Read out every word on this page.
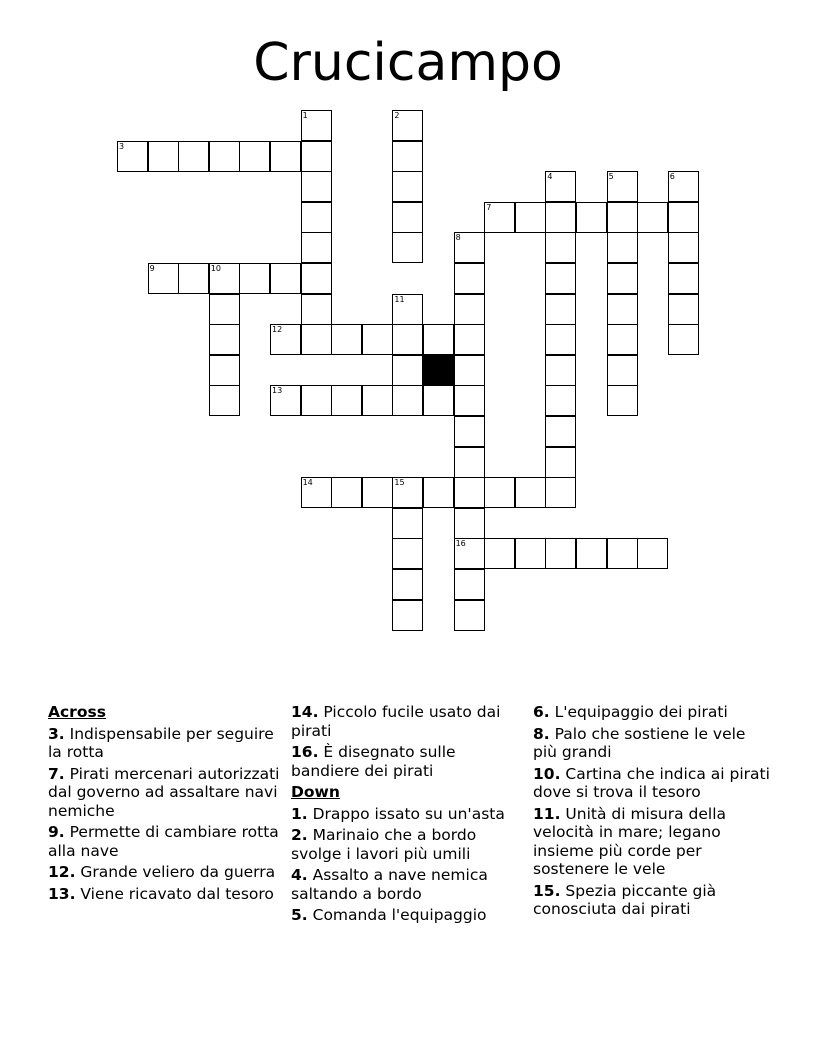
Crucicampo
3
7
9	10
12
13
14	15
16
1	2
4	5	6
8
11
Across
3. Indispensabile per seguire la rotta
7. Pirati mercenari autorizzati dal governo ad assaltare navi nemiche
9. Permette di cambiare rotta alla nave
12. Grande veliero da guerra
13. Viene ricavato dal tesoro
14. Piccolo fucile usato dai pirati
16. È disegnato sulle bandiere dei pirati
Down
1. Drappo issato su un'asta
2. Marinaio che a bordo svolge i lavori più umili
4. Assalto a nave nemica saltando a bordo
5. Comanda l'equipaggio
6. L'equipaggio dei pirati
8. Palo che sostiene le vele più grandi
10. Cartina che indica ai pirati dove si trova il tesoro
11. Unità di misura della velocità in mare; legano insieme più corde per sostenere le vele
15. Spezia piccante già conosciuta dai pirati
